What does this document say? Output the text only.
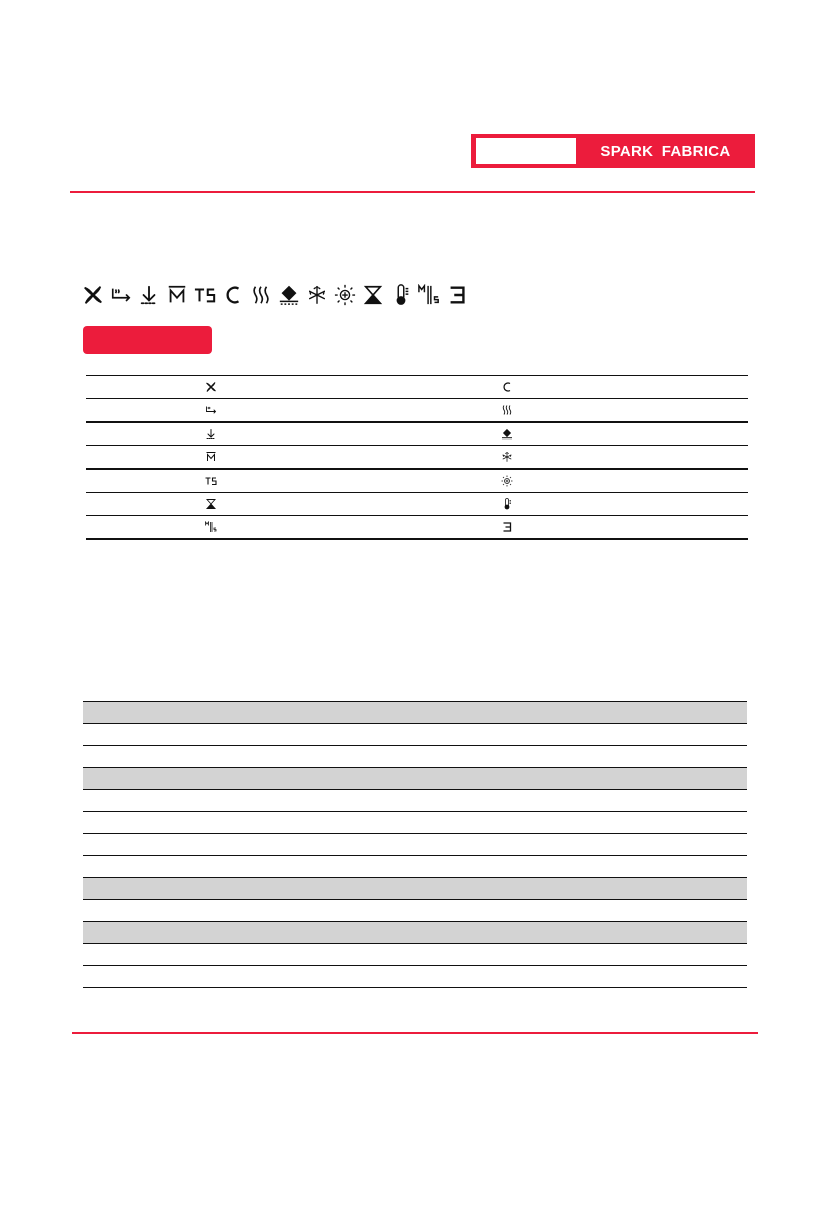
SPARK FABRICA
